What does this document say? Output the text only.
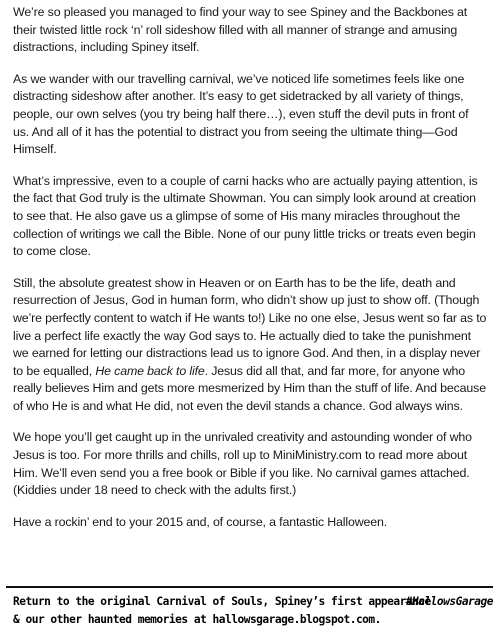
We’re so pleased you managed to find your way to see Spiney and the Backbones at their twisted little rock ‘n’ roll sideshow filled with all manner of strange and amusing distractions, including Spiney itself.

As we wander with our travelling carnival, we’ve noticed life sometimes feels like one distracting sideshow after another. It’s easy to get sidetracked by all variety of things, people, our own selves (you try being half there…), even stuff the devil puts in front of us. And all of it has the potential to distract you from seeing the ultimate thing—God Himself.

What’s impressive, even to a couple of carni hacks who are actually paying attention, is the fact that God truly is the ultimate Showman. You can simply look around at creation to see that. He also gave us a glimpse of some of His many miracles throughout the collection of writings we call the Bible. None of our puny little tricks or treats even begin to come close.

Still, the absolute greatest show in Heaven or on Earth has to be the life, death and resurrection of Jesus, God in human form, who didn’t show up just to show off. (Though we’re perfectly content to watch if He wants to!) Like no one else, Jesus went so far as to live a perfect life exactly the way God says to. He actually died to take the punishment we earned for letting our distractions lead us to ignore God. And then, in a display never to be equalled, He came back to life. Jesus did all that, and far more, for anyone who really believes Him and gets more mesmerized by Him than the stuff of life. And because of who He is and what He did, not even the devil stands a chance. God always wins.

We hope you’ll get caught up in the unrivaled creativity and astounding wonder of who Jesus is too. For more thrills and chills, roll up to MiniMinistry.com to read more about Him. We’ll even send you a free book or Bible if you like. No carnival games attached. (Kiddies under 18 need to check with the adults first.)

Have a rockin’ end to your 2015 and, of course, a fantastic Halloween.

Return to the original Carnival of Souls, Spiney’s first appearance
#HallowsGarage
& our other haunted memories at hallowsgarage.blogspot.com.
